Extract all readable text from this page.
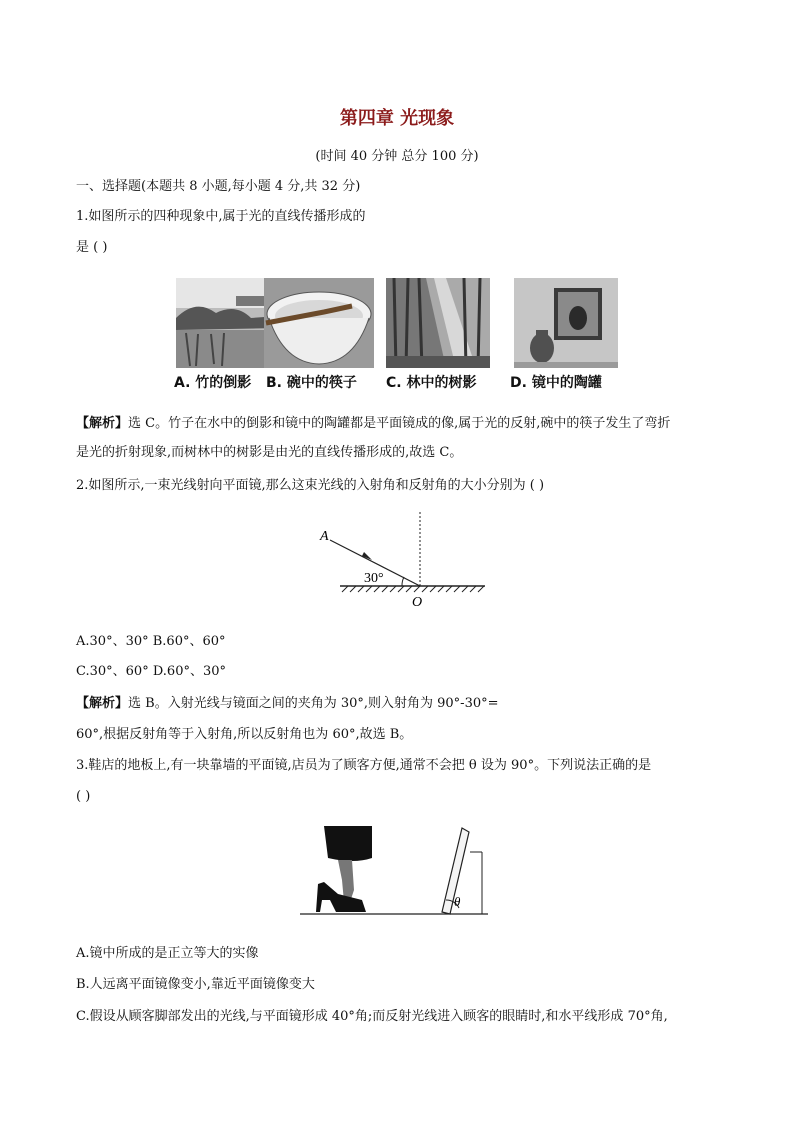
第四章 光现象
(时间 40 分钟 总分 100 分)
一、选择题(本题共 8 小题,每小题 4 分,共 32 分)
1.如图所示的四种现象中,属于光的直线传播形成的
是 ( )
A. 竹的倒影 B. 碗中的筷子 C. 林中的树影 D. 镜中的陶罐
【解析】选 C。竹子在水中的倒影和镜中的陶罐都是平面镜成的像,属于光的反射,碗中的筷子发生了弯折
是光的折射现象,而树林中的树影是由光的直线传播形成的,故选 C。
2.如图所示,一束光线射向平面镜,那么这束光线的入射角和反射角的大小分别为 ( )
A
O
30°
A.30°、30° B.60°、60°
C.30°、60° D.60°、30°
【解析】选 B。入射光线与镜面之间的夹角为 30°,则入射角为 90°-30°=
60°,根据反射角等于入射角,所以反射角也为 60°,故选 B。
3.鞋店的地板上,有一块靠墙的平面镜,店员为了顾客方便,通常不会把 θ 设为 90°。下列说法正确的是
( )
θ
A.镜中所成的是正立等大的实像
B.人远离平面镜像变小,靠近平面镜像变大
C.假设从顾客脚部发出的光线,与平面镜形成 40°角;而反射光线进入顾客的眼睛时,和水平线形成 70°角,
